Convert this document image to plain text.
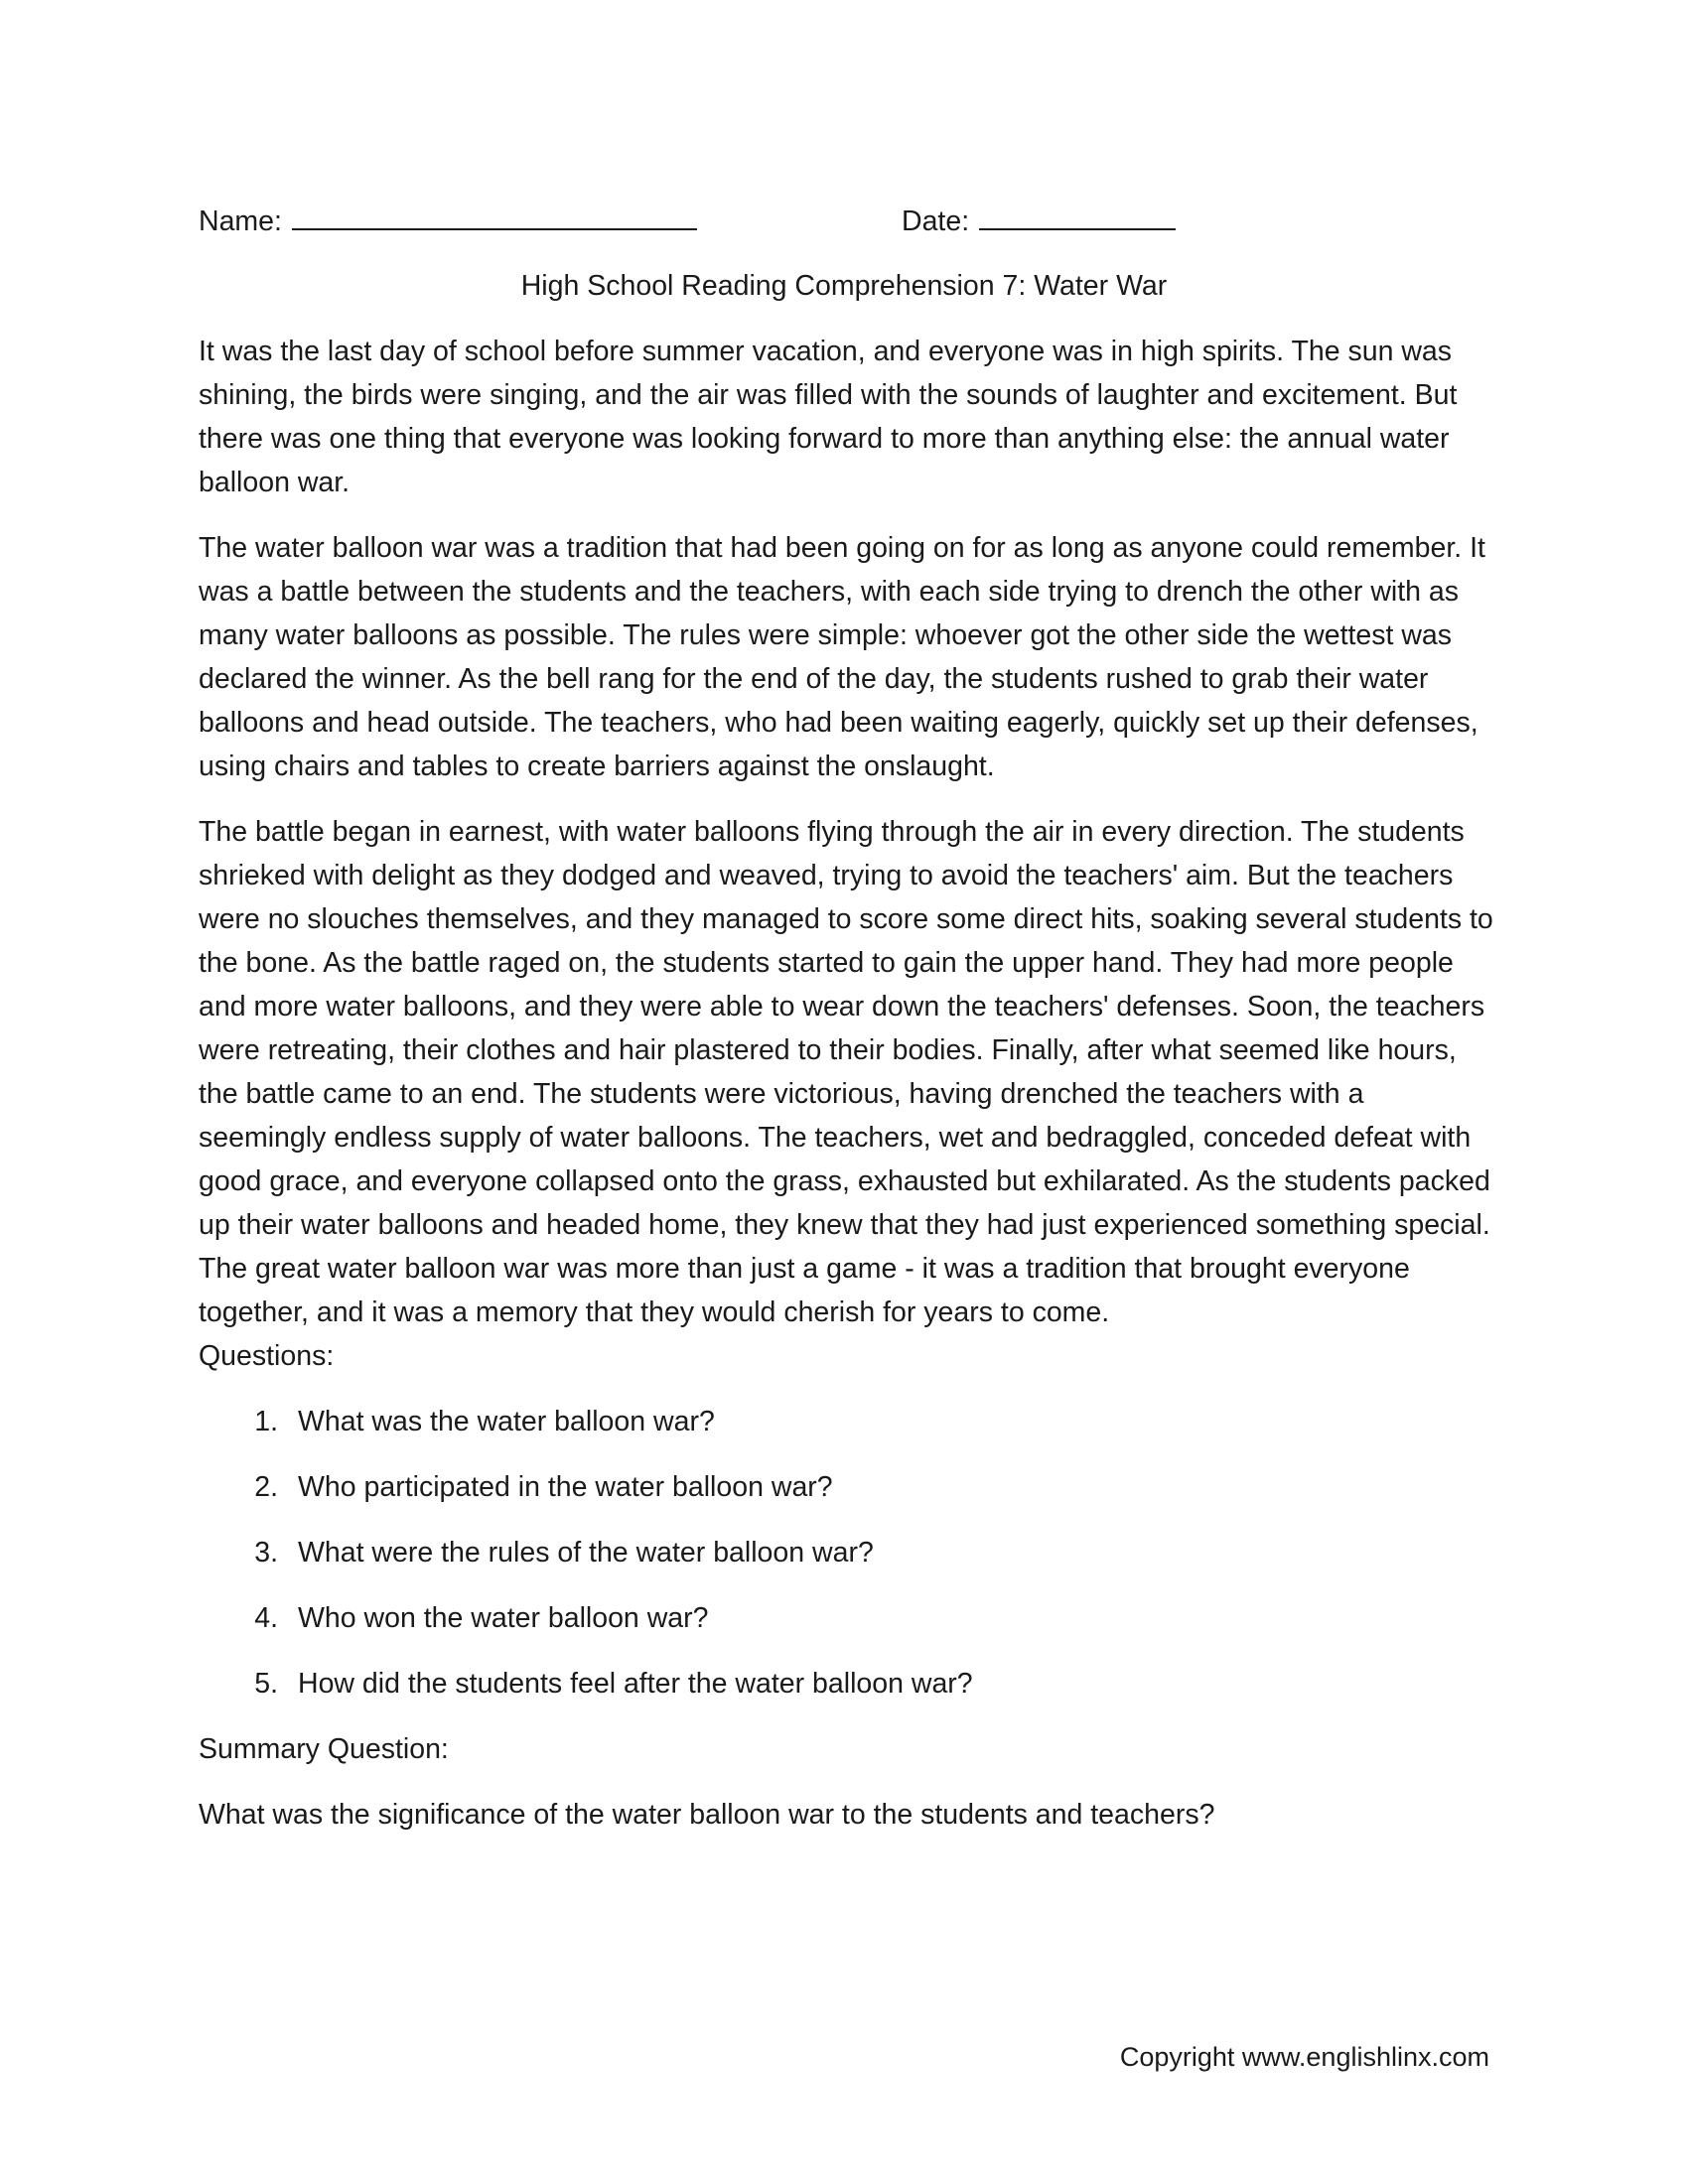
Name:	Date:
High School Reading Comprehension 7: Water War

It was the last day of school before summer vacation, and everyone was in high spirits. The sun was shining, the birds were singing, and the air was filled with the sounds of laughter and excitement. But there was one thing that everyone was looking forward to more than anything else: the annual water balloon war.

The water balloon war was a tradition that had been going on for as long as anyone could remember. It was a battle between the students and the teachers, with each side trying to drench the other with as many water balloons as possible. The rules were simple: whoever got the other side the wettest was declared the winner. As the bell rang for the end of the day, the students rushed to grab their water balloons and head outside. The teachers, who had been waiting eagerly, quickly set up their defenses, using chairs and tables to create barriers against the onslaught.

The battle began in earnest, with water balloons flying through the air in every direction. The students shrieked with delight as they dodged and weaved, trying to avoid the teachers' aim. But the teachers were no slouches themselves, and they managed to score some direct hits, soaking several students to the bone. As the battle raged on, the students started to gain the upper hand. They had more people and more water balloons, and they were able to wear down the teachers' defenses. Soon, the teachers were retreating, their clothes and hair plastered to their bodies. Finally, after what seemed like hours, the battle came to an end. The students were victorious, having drenched the teachers with a seemingly endless supply of water balloons. The teachers, wet and bedraggled, conceded defeat with good grace, and everyone collapsed onto the grass, exhausted but exhilarated. As the students packed up their water balloons and headed home, they knew that they had just experienced something special. The great water balloon war was more than just a game - it was a tradition that brought everyone together, and it was a memory that they would cherish for years to come.

Questions:
1. What was the water balloon war?
2. Who participated in the water balloon war?
3. What were the rules of the water balloon war?
4. Who won the water balloon war?
5. How did the students feel after the water balloon war?
Summary Question:

What was the significance of the water balloon war to the students and teachers?

Copyright www.englishlinx.com
